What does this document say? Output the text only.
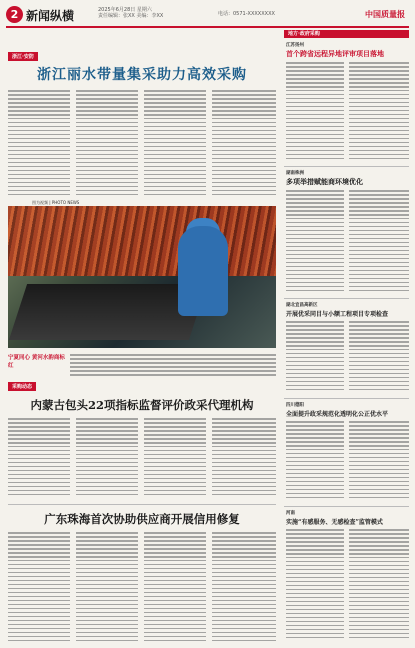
2 新闻纵横	2025年6月28日 星期六
责任编辑：张XX 美编：李XX	电话：0571-XXXXXXXX	中国质量报
浙江·安防
浙江丽水带量集采助力高效采购
图为视频 | PHOTO NEWS
宁夏同心 黄河水韵商标红
采购动态
内蒙古包头22项指标监督评价政采代理机构
广东珠海首次协助供应商开展信用修复
地方·政府采购
江苏扬州
首个跨省远程异地评审项目落地
湖南株洲
多项举措赋能商环境优化
湖北宜昌高新区
开展优采同目与小额工程项目专项检查
四川德阳
全面提升政采规范化透明化公正优水平
河南
实施“有感服务、无感检查”监管模式
